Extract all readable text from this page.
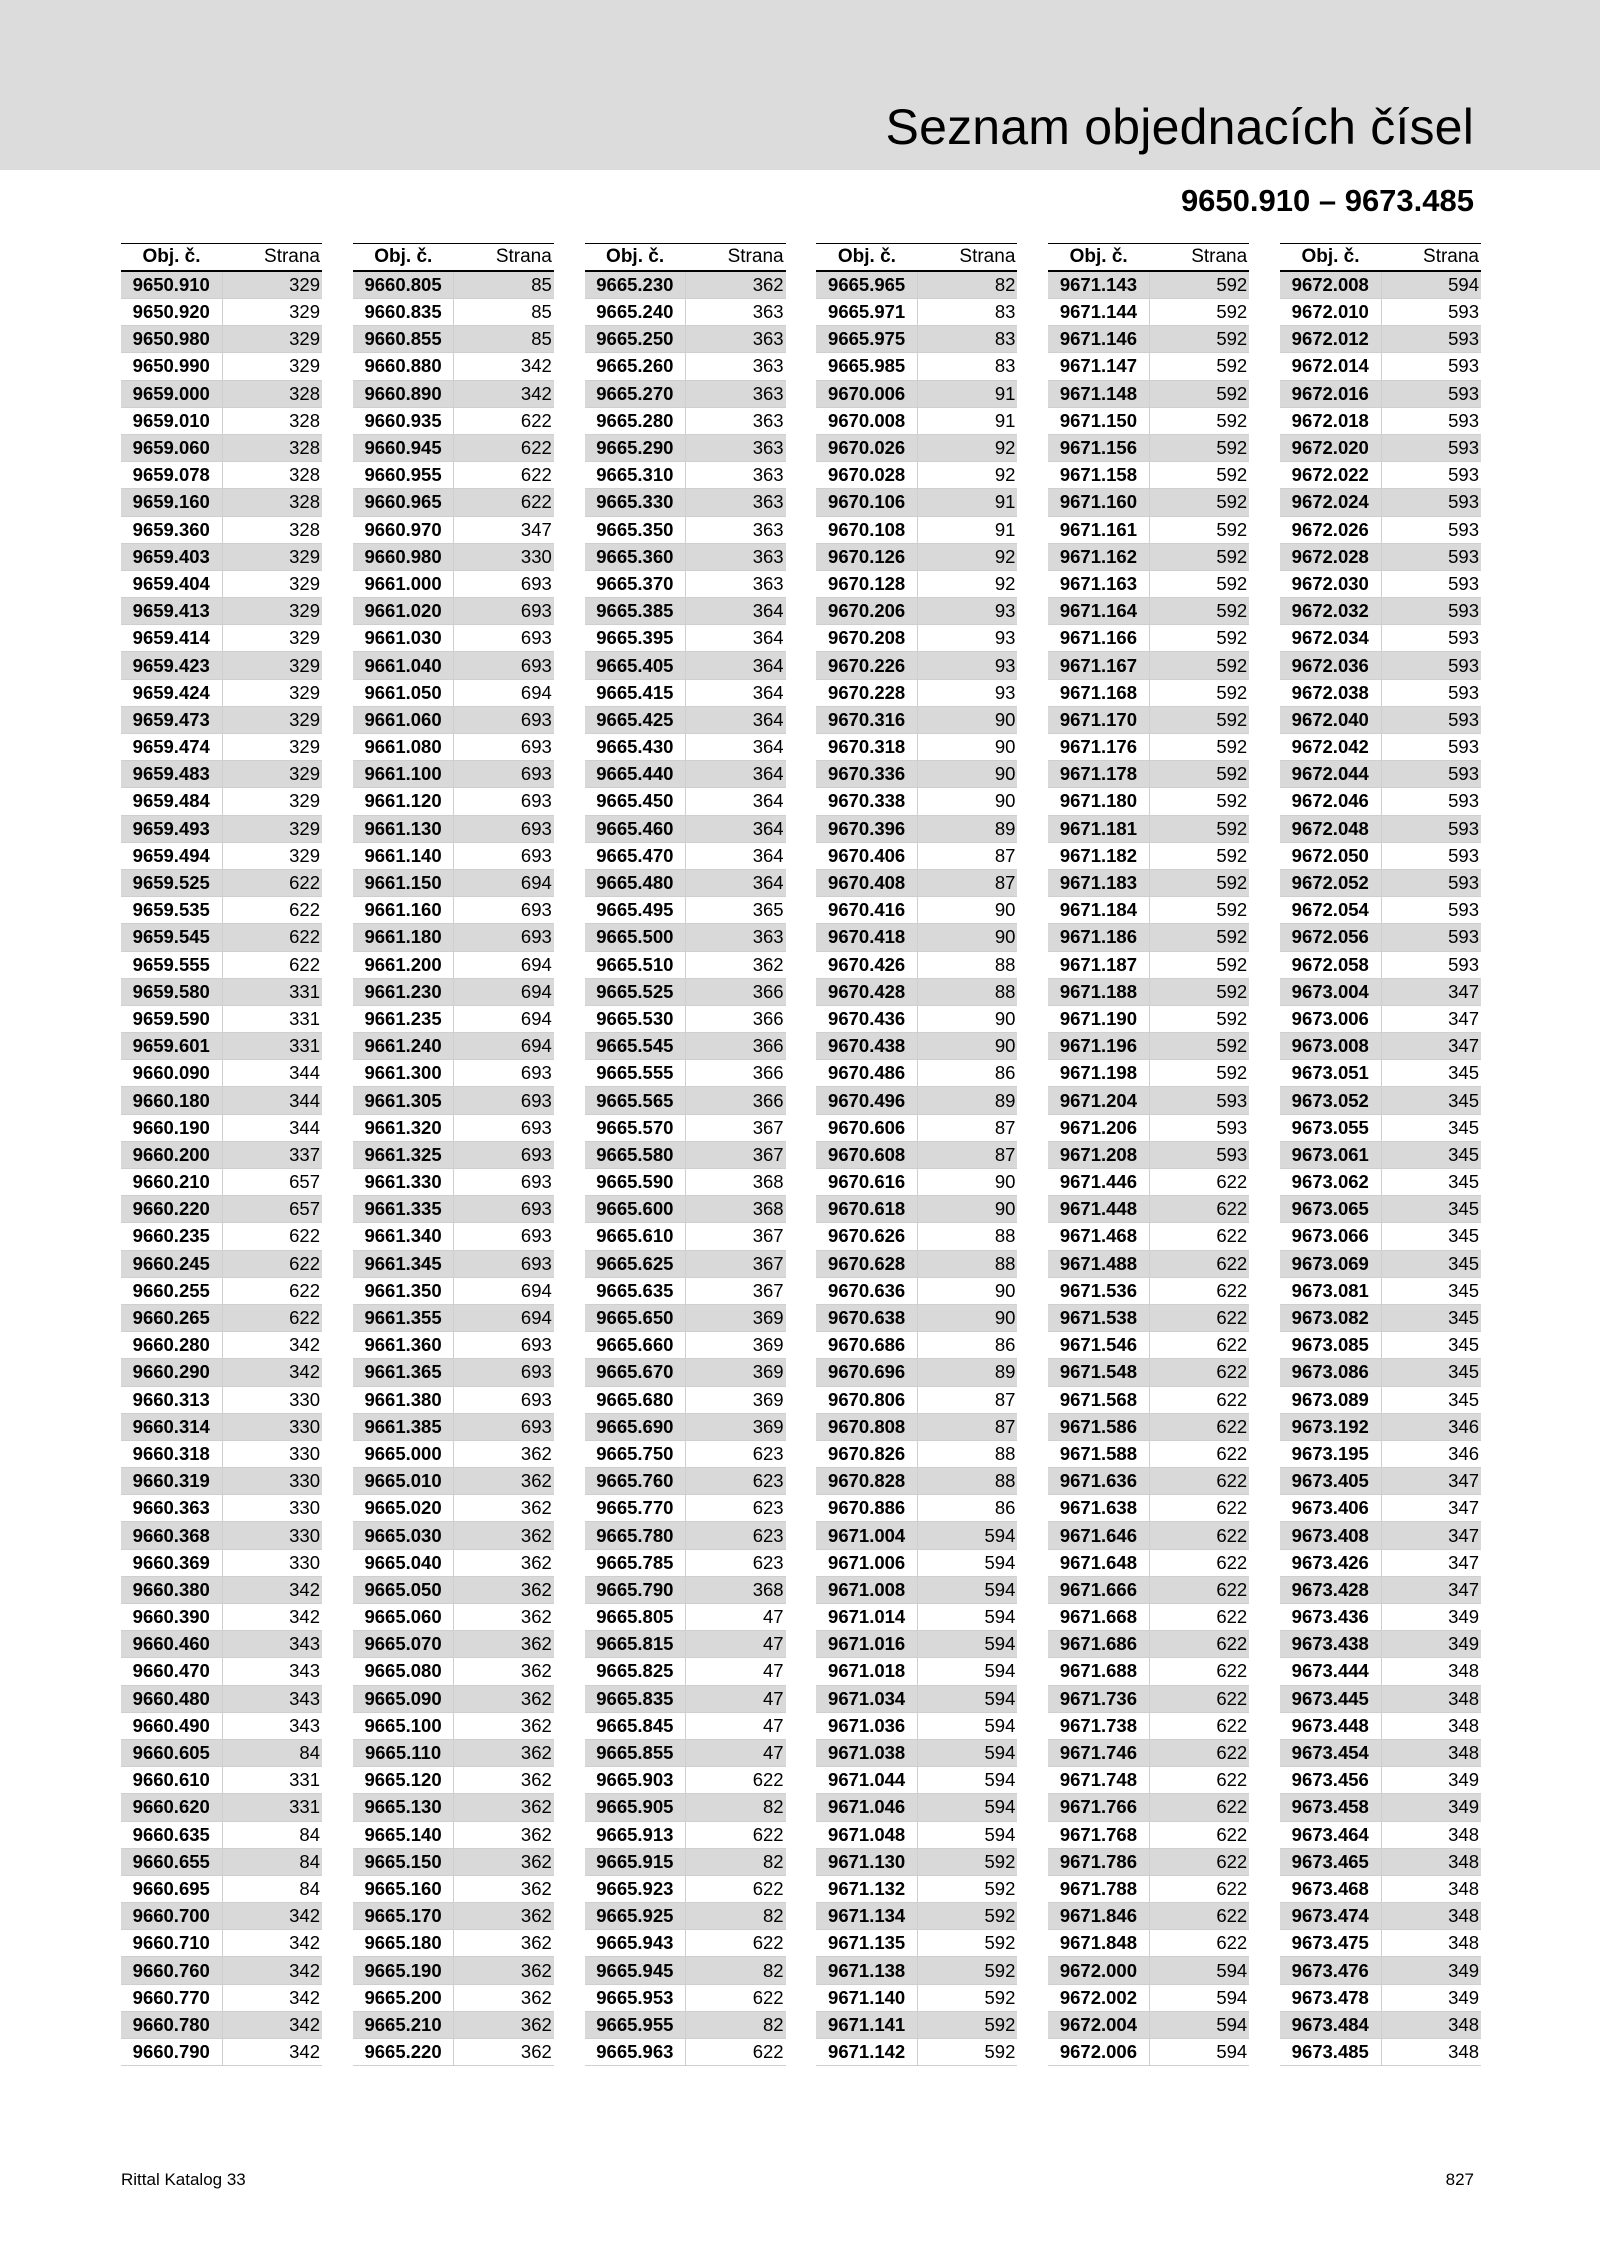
Seznam objednacích čísel
9650.910 – 9673.485
Obj. č.	Strana
9650.910	329
9650.920	329
9650.980	329
9650.990	329
9659.000	328
9659.010	328
9659.060	328
9659.078	328
9659.160	328
9659.360	328
9659.403	329
9659.404	329
9659.413	329
9659.414	329
9659.423	329
9659.424	329
9659.473	329
9659.474	329
9659.483	329
9659.484	329
9659.493	329
9659.494	329
9659.525	622
9659.535	622
9659.545	622
9659.555	622
9659.580	331
9659.590	331
9659.601	331
9660.090	344
9660.180	344
9660.190	344
9660.200	337
9660.210	657
9660.220	657
9660.235	622
9660.245	622
9660.255	622
9660.265	622
9660.280	342
9660.290	342
9660.313	330
9660.314	330
9660.318	330
9660.319	330
9660.363	330
9660.368	330
9660.369	330
9660.380	342
9660.390	342
9660.460	343
9660.470	343
9660.480	343
9660.490	343
9660.605	84
9660.610	331
9660.620	331
9660.635	84
9660.655	84
9660.695	84
9660.700	342
9660.710	342
9660.760	342
9660.770	342
9660.780	342
9660.790	342
Obj. č.	Strana
9660.805	85
9660.835	85
9660.855	85
9660.880	342
9660.890	342
9660.935	622
9660.945	622
9660.955	622
9660.965	622
9660.970	347
9660.980	330
9661.000	693
9661.020	693
9661.030	693
9661.040	693
9661.050	694
9661.060	693
9661.080	693
9661.100	693
9661.120	693
9661.130	693
9661.140	693
9661.150	694
9661.160	693
9661.180	693
9661.200	694
9661.230	694
9661.235	694
9661.240	694
9661.300	693
9661.305	693
9661.320	693
9661.325	693
9661.330	693
9661.335	693
9661.340	693
9661.345	693
9661.350	694
9661.355	694
9661.360	693
9661.365	693
9661.380	693
9661.385	693
9665.000	362
9665.010	362
9665.020	362
9665.030	362
9665.040	362
9665.050	362
9665.060	362
9665.070	362
9665.080	362
9665.090	362
9665.100	362
9665.110	362
9665.120	362
9665.130	362
9665.140	362
9665.150	362
9665.160	362
9665.170	362
9665.180	362
9665.190	362
9665.200	362
9665.210	362
9665.220	362
Obj. č.	Strana
9665.230	362
9665.240	363
9665.250	363
9665.260	363
9665.270	363
9665.280	363
9665.290	363
9665.310	363
9665.330	363
9665.350	363
9665.360	363
9665.370	363
9665.385	364
9665.395	364
9665.405	364
9665.415	364
9665.425	364
9665.430	364
9665.440	364
9665.450	364
9665.460	364
9665.470	364
9665.480	364
9665.495	365
9665.500	363
9665.510	362
9665.525	366
9665.530	366
9665.545	366
9665.555	366
9665.565	366
9665.570	367
9665.580	367
9665.590	368
9665.600	368
9665.610	367
9665.625	367
9665.635	367
9665.650	369
9665.660	369
9665.670	369
9665.680	369
9665.690	369
9665.750	623
9665.760	623
9665.770	623
9665.780	623
9665.785	623
9665.790	368
9665.805	47
9665.815	47
9665.825	47
9665.835	47
9665.845	47
9665.855	47
9665.903	622
9665.905	82
9665.913	622
9665.915	82
9665.923	622
9665.925	82
9665.943	622
9665.945	82
9665.953	622
9665.955	82
9665.963	622
Obj. č.	Strana
9665.965	82
9665.971	83
9665.975	83
9665.985	83
9670.006	91
9670.008	91
9670.026	92
9670.028	92
9670.106	91
9670.108	91
9670.126	92
9670.128	92
9670.206	93
9670.208	93
9670.226	93
9670.228	93
9670.316	90
9670.318	90
9670.336	90
9670.338	90
9670.396	89
9670.406	87
9670.408	87
9670.416	90
9670.418	90
9670.426	88
9670.428	88
9670.436	90
9670.438	90
9670.486	86
9670.496	89
9670.606	87
9670.608	87
9670.616	90
9670.618	90
9670.626	88
9670.628	88
9670.636	90
9670.638	90
9670.686	86
9670.696	89
9670.806	87
9670.808	87
9670.826	88
9670.828	88
9670.886	86
9671.004	594
9671.006	594
9671.008	594
9671.014	594
9671.016	594
9671.018	594
9671.034	594
9671.036	594
9671.038	594
9671.044	594
9671.046	594
9671.048	594
9671.130	592
9671.132	592
9671.134	592
9671.135	592
9671.138	592
9671.140	592
9671.141	592
9671.142	592
Obj. č.	Strana
9671.143	592
9671.144	592
9671.146	592
9671.147	592
9671.148	592
9671.150	592
9671.156	592
9671.158	592
9671.160	592
9671.161	592
9671.162	592
9671.163	592
9671.164	592
9671.166	592
9671.167	592
9671.168	592
9671.170	592
9671.176	592
9671.178	592
9671.180	592
9671.181	592
9671.182	592
9671.183	592
9671.184	592
9671.186	592
9671.187	592
9671.188	592
9671.190	592
9671.196	592
9671.198	592
9671.204	593
9671.206	593
9671.208	593
9671.446	622
9671.448	622
9671.468	622
9671.488	622
9671.536	622
9671.538	622
9671.546	622
9671.548	622
9671.568	622
9671.586	622
9671.588	622
9671.636	622
9671.638	622
9671.646	622
9671.648	622
9671.666	622
9671.668	622
9671.686	622
9671.688	622
9671.736	622
9671.738	622
9671.746	622
9671.748	622
9671.766	622
9671.768	622
9671.786	622
9671.788	622
9671.846	622
9671.848	622
9672.000	594
9672.002	594
9672.004	594
9672.006	594
Obj. č.	Strana
9672.008	594
9672.010	593
9672.012	593
9672.014	593
9672.016	593
9672.018	593
9672.020	593
9672.022	593
9672.024	593
9672.026	593
9672.028	593
9672.030	593
9672.032	593
9672.034	593
9672.036	593
9672.038	593
9672.040	593
9672.042	593
9672.044	593
9672.046	593
9672.048	593
9672.050	593
9672.052	593
9672.054	593
9672.056	593
9672.058	593
9673.004	347
9673.006	347
9673.008	347
9673.051	345
9673.052	345
9673.055	345
9673.061	345
9673.062	345
9673.065	345
9673.066	345
9673.069	345
9673.081	345
9673.082	345
9673.085	345
9673.086	345
9673.089	345
9673.192	346
9673.195	346
9673.405	347
9673.406	347
9673.408	347
9673.426	347
9673.428	347
9673.436	349
9673.438	349
9673.444	348
9673.445	348
9673.448	348
9673.454	348
9673.456	349
9673.458	349
9673.464	348
9673.465	348
9673.468	348
9673.474	348
9673.475	348
9673.476	349
9673.478	349
9673.484	348
9673.485	348
Rittal Katalog 33	827
